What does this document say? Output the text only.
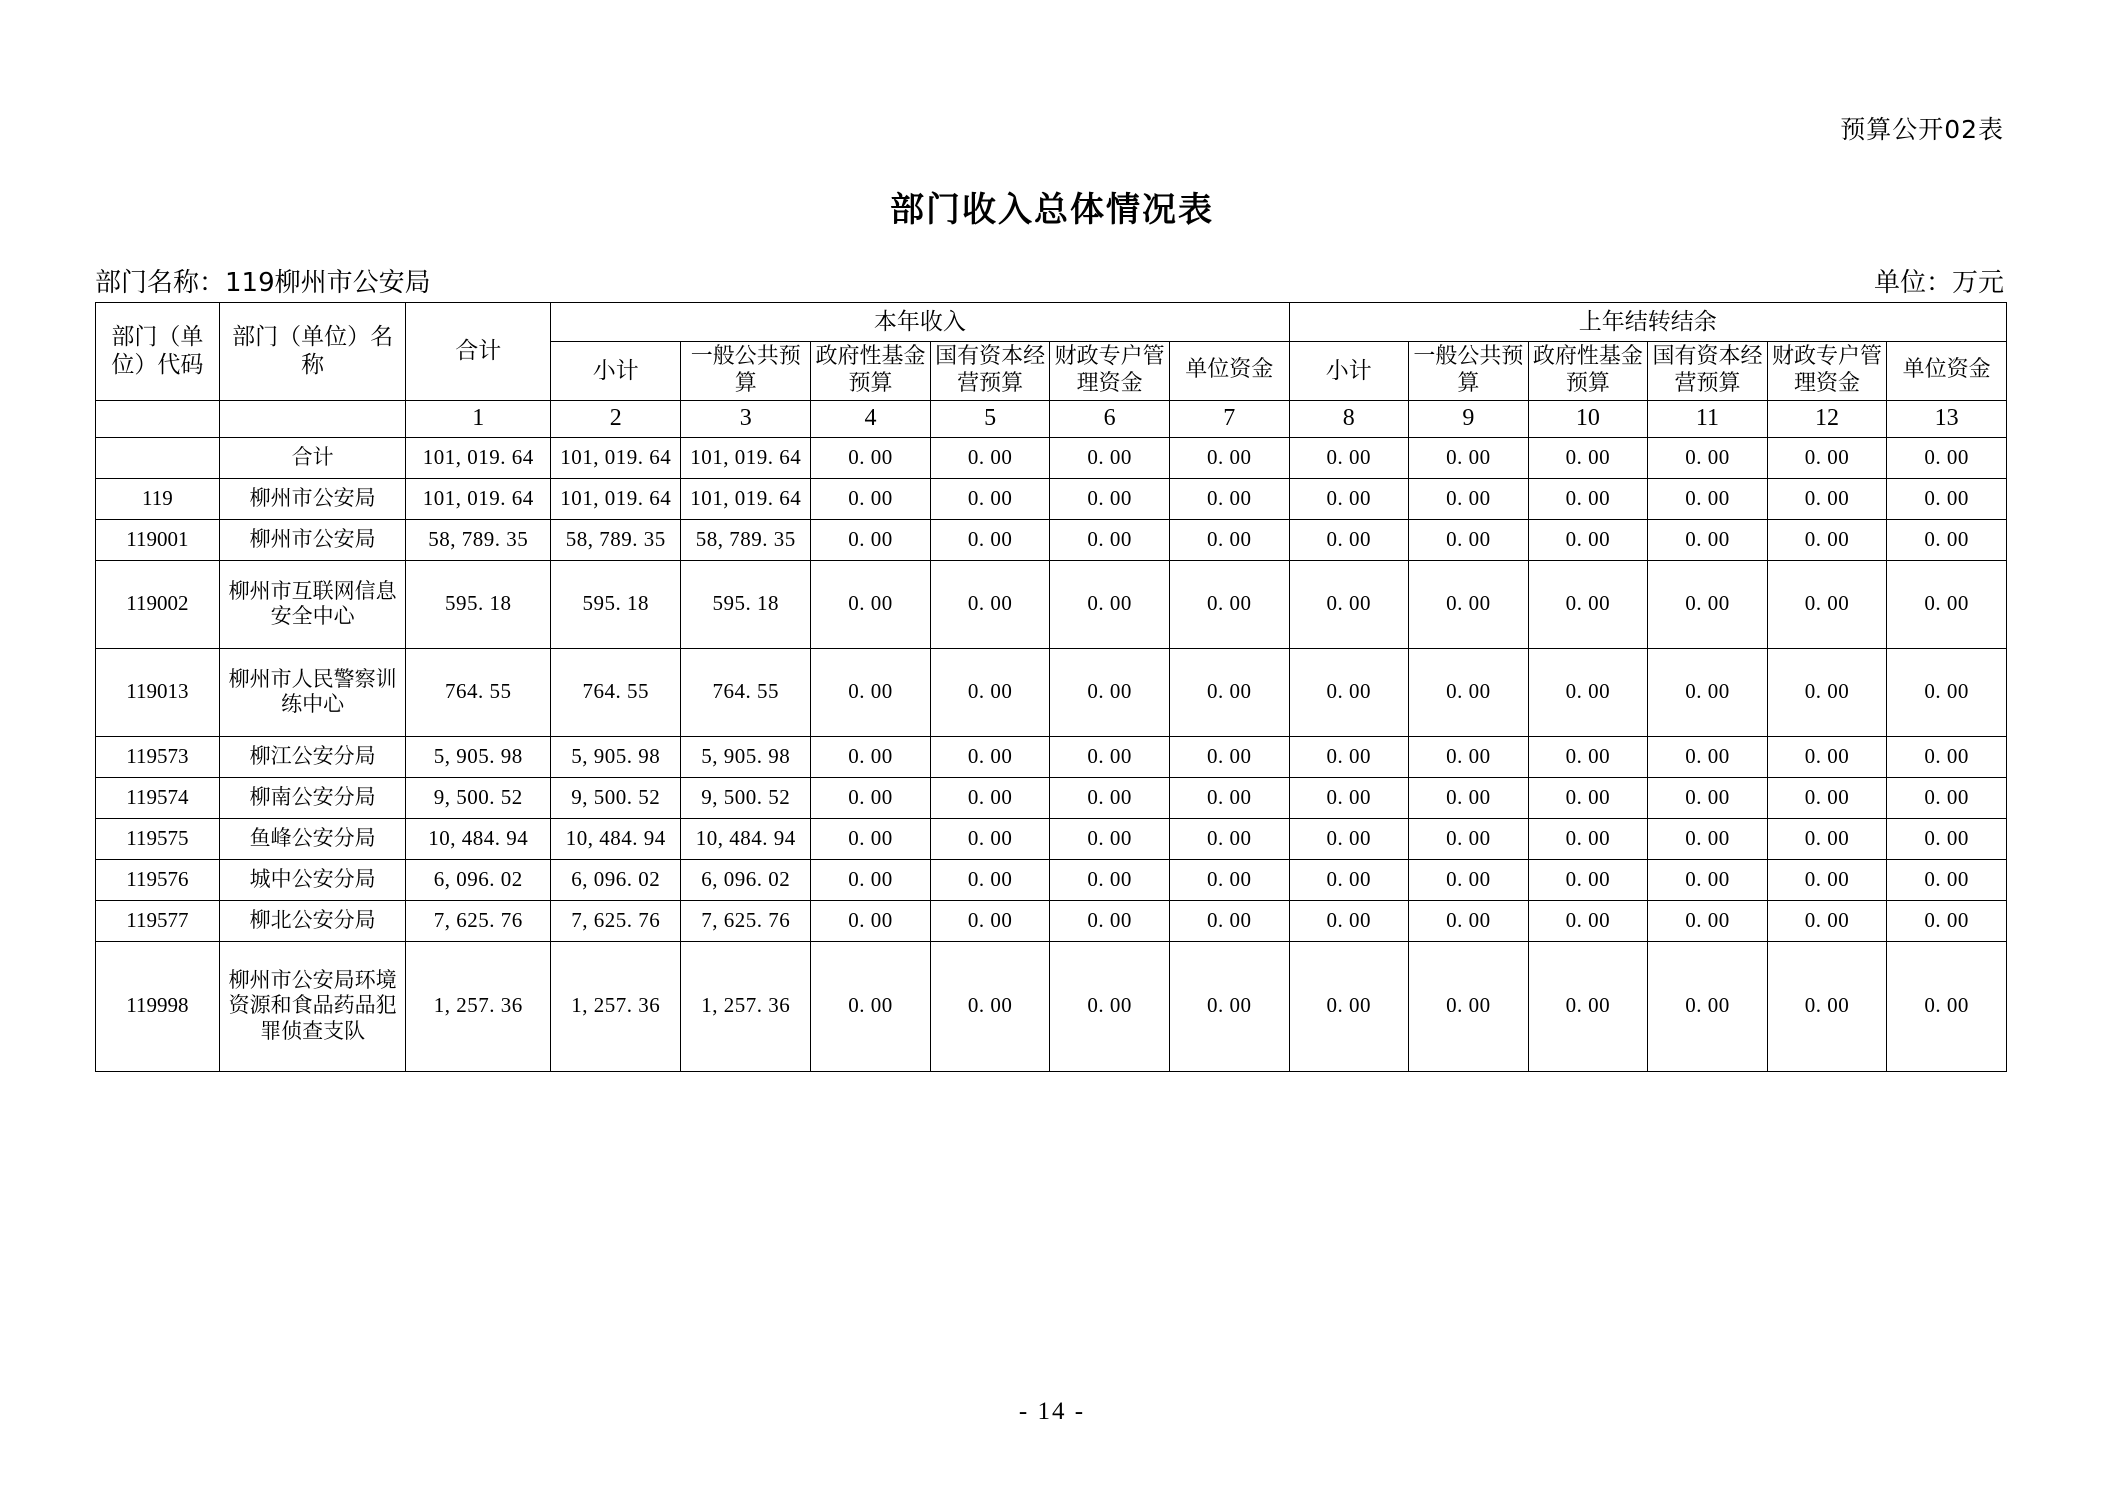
预算公开02表
部门收入总体情况表
部门名称：119柳州市公安局	单位：万元
部门（单位）代码	部门（单位）名称	合计	本年收入						上年结转结余					
			小计	一般公共预算	政府性基金预算	国有资本经营预算	财政专户管理资金	单位资金	小计	一般公共预算	政府性基金预算	国有资本经营预算	财政专户管理资金	单位资金
		1	2	3	4	5	6	7	8	9	10	11	12	13
	合计	101, 019. 64	101, 019. 64	101, 019. 64	0. 00	0. 00	0. 00	0. 00	0. 00	0. 00	0. 00	0. 00	0. 00	0. 00
119	柳州市公安局	101, 019. 64	101, 019. 64	101, 019. 64	0. 00	0. 00	0. 00	0. 00	0. 00	0. 00	0. 00	0. 00	0. 00	0. 00
119001	柳州市公安局	58, 789. 35	58, 789. 35	58, 789. 35	0. 00	0. 00	0. 00	0. 00	0. 00	0. 00	0. 00	0. 00	0. 00	0. 00
119002	柳州市互联网信息安全中心	595. 18	595. 18	595. 18	0. 00	0. 00	0. 00	0. 00	0. 00	0. 00	0. 00	0. 00	0. 00	0. 00
119013	柳州市人民警察训练中心	764. 55	764. 55	764. 55	0. 00	0. 00	0. 00	0. 00	0. 00	0. 00	0. 00	0. 00	0. 00	0. 00
119573	柳江公安分局	5, 905. 98	5, 905. 98	5, 905. 98	0. 00	0. 00	0. 00	0. 00	0. 00	0. 00	0. 00	0. 00	0. 00	0. 00
119574	柳南公安分局	9, 500. 52	9, 500. 52	9, 500. 52	0. 00	0. 00	0. 00	0. 00	0. 00	0. 00	0. 00	0. 00	0. 00	0. 00
119575	鱼峰公安分局	10, 484. 94	10, 484. 94	10, 484. 94	0. 00	0. 00	0. 00	0. 00	0. 00	0. 00	0. 00	0. 00	0. 00	0. 00
119576	城中公安分局	6, 096. 02	6, 096. 02	6, 096. 02	0. 00	0. 00	0. 00	0. 00	0. 00	0. 00	0. 00	0. 00	0. 00	0. 00
119577	柳北公安分局	7, 625. 76	7, 625. 76	7, 625. 76	0. 00	0. 00	0. 00	0. 00	0. 00	0. 00	0. 00	0. 00	0. 00	0. 00
119998	柳州市公安局环境资源和食品药品犯罪侦查支队	1, 257. 36	1, 257. 36	1, 257. 36	0. 00	0. 00	0. 00	0. 00	0. 00	0. 00	0. 00	0. 00	0. 00	0. 00
- 14 -
